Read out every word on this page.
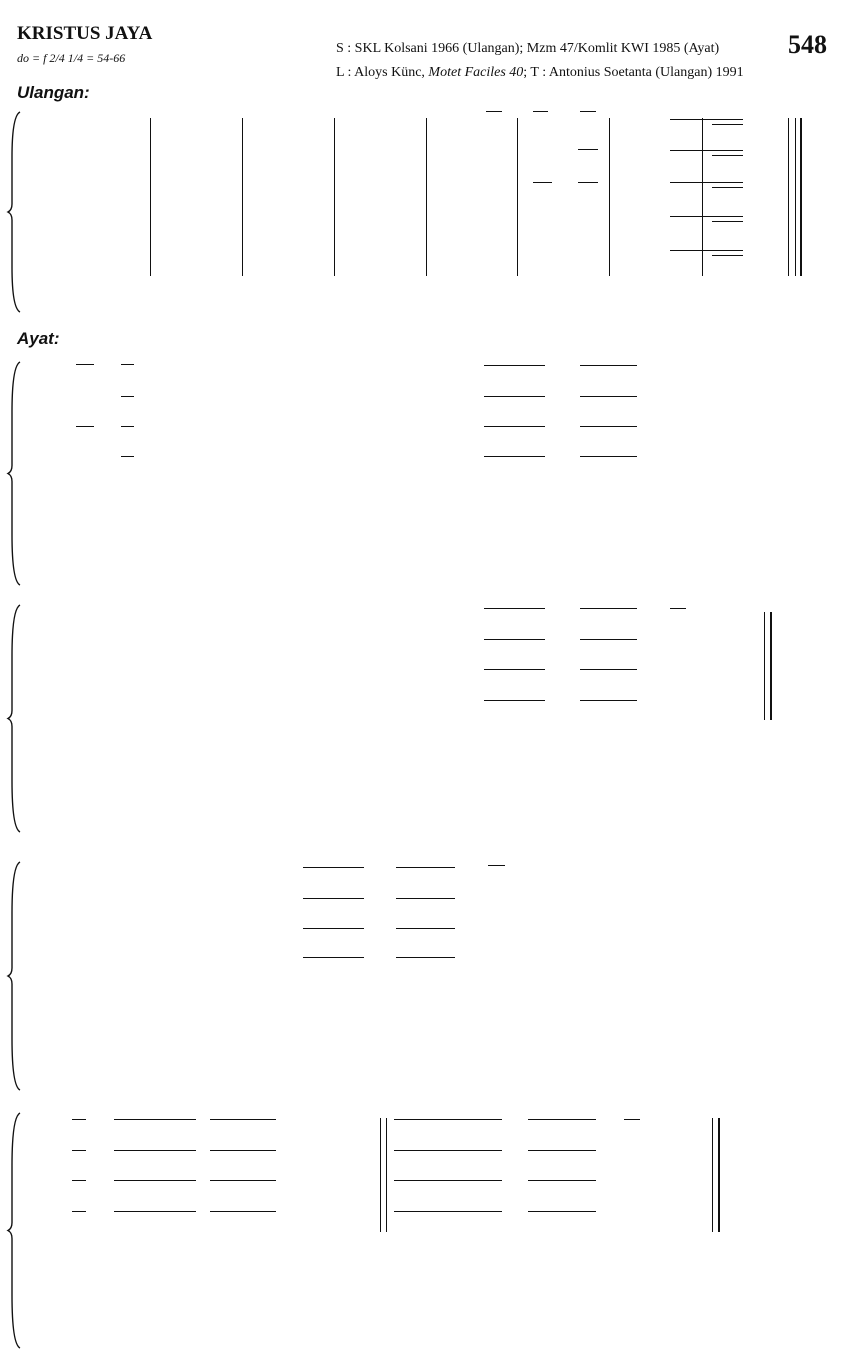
KRISTUS JAYA
do = f 2/4 1/4 = 54-66
S : SKL Kolsani 1966 (Ulangan); Mzm 47/Komlit KWI 1985 (Ayat)
L : Aloys Künc, Motet Faciles 40; T : Antonius Soetanta (Ulangan) 1991
548
Ulangan:
Ayat:
